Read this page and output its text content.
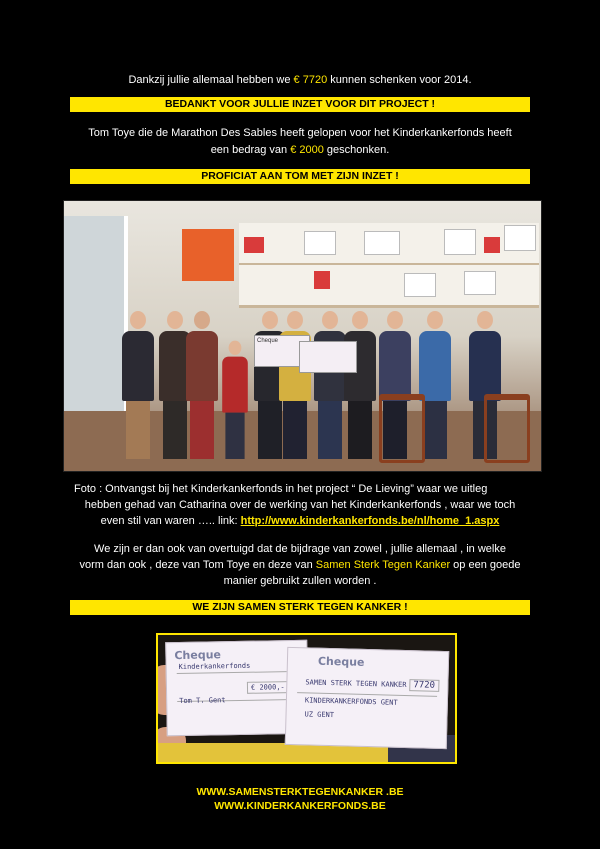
Dankzij jullie allemaal hebben we € 7720 kunnen schenken voor 2014.
BEDANKT VOOR JULLIE INZET VOOR DIT PROJECT !
Tom Toye die de Marathon Des Sables heeft gelopen voor het Kinderkankerfonds heeft
een bedrag van € 2000 geschonken.
PROFICIAT AAN TOM MET ZIJN INZET !
Cheque
Foto : Ontvangst bij het Kinderkankerfonds in het project “ De Lieving” waar we uitleg
hebben gehad van Catharina over de werking van het Kinderkankerfonds , waar we toch
even stil van waren ….. link: http://www.kinderkankerfonds.be/nl/home_1.aspx
We zijn er dan ook van overtuigd dat de bijdrage van zowel , jullie allemaal , in welke
vorm dan ook , deze van Tom Toye en deze van Samen Sterk Tegen Kanker op een goede
manier gebruikt zullen worden .
WE ZIJN SAMEN STERK TEGEN KANKER !
Cheque
Kinderkankerfonds
€ 2000,-
Tom T. Gent
Cheque
SAMEN STERK TEGEN KANKER 7720
KINDERKANKERFONDS GENT
UZ GENT
WWW.SAMENSTERKTEGENKANKER .BE
WWW.KINDERKANKERFONDS.BE
